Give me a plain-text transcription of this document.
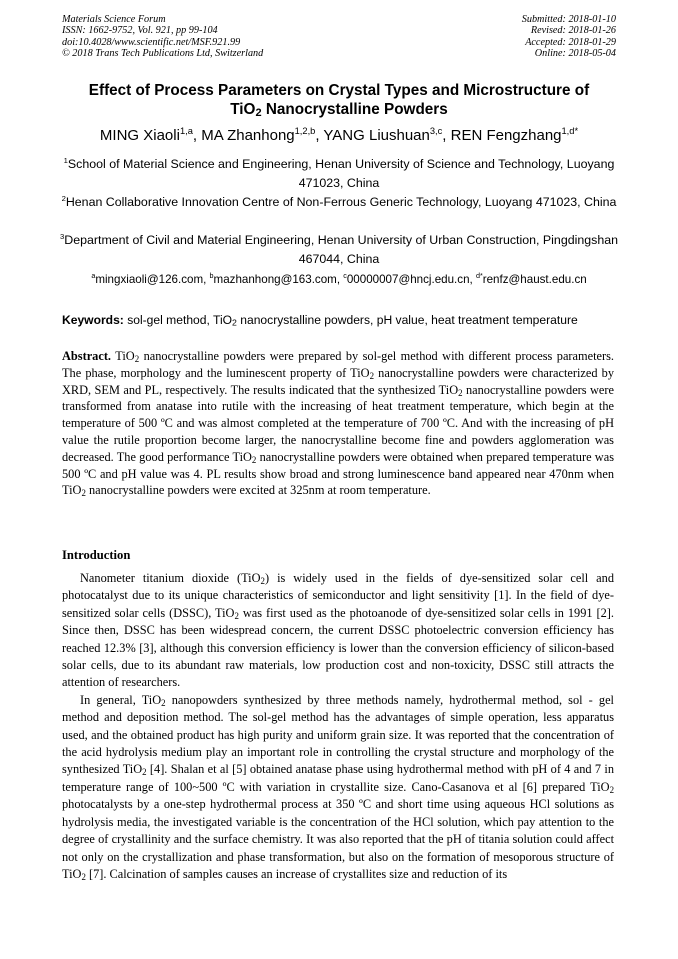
Materials Science Forum
ISSN: 1662-9752, Vol. 921, pp 99-104
doi:10.4028/www.scientific.net/MSF.921.99
© 2018 Trans Tech Publications Ltd, Switzerland
Submitted: 2018-01-10
Revised: 2018-01-26
Accepted: 2018-01-29
Online: 2018-05-04
Effect of Process Parameters on Crystal Types and Microstructure of
TiO$_2$ Nanocrystalline Powders
MING Xiaoli$^{1,a}$, MA Zhanhong$^{1,2,b}$, YANG Liushuan$^{3,c}$, REN Fengzhang$^{1,d*}$
$^1$School of Material Science and Engineering, Henan University of Science and Technology, Luoyang 471023, China
$^2$Henan Collaborative Innovation Centre of Non-Ferrous Generic Technology, Luoyang 471023, China
$^3$Department of Civil and Material Engineering, Henan University of Urban Construction, Pingdingshan 467044, China
$^a$mingxiaoli@126.com, $^b$mazhanhong@163.com, $^c$00000007@hncj.edu.cn, $^{d*}$renfz@haust.edu.cn
Keywords: sol-gel method, TiO$_2$ nanocrystalline powders, pH value, heat treatment temperature
Abstract. TiO$_2$ nanocrystalline powders were prepared by sol-gel method with different process parameters. The phase, morphology and the luminescent property of TiO$_2$ nanocrystalline powders were characterized by XRD, SEM and PL, respectively. The results indicated that the synthesized TiO$_2$ nanocrystalline powders were transformed from anatase into rutile with the increasing of heat treatment temperature, which begin at the temperature of 500 ºC and was almost completed at the temperature of 700 ºC. And with the increasing of pH value the rutile proportion become larger, the nanocrystalline become fine and powders agglomeration was decreased. The good performance TiO$_2$ nanocrystalline powders were obtained when prepared temperature was 500 ºC and pH value was 4. PL results show broad and strong luminescence band appeared near 470nm when TiO$_2$ nanocrystalline powders were excited at 325nm at room temperature.
Introduction

Nanometer titanium dioxide (TiO$_2$) is widely used in the fields of dye-sensitized solar cell and photocatalyst due to its unique characteristics of semiconductor and light sensitivity [1]. In the field of dye-sensitized solar cells (DSSC), TiO$_2$ was first used as the photoanode of dye-sensitized solar cells in 1991 [2]. Since then, DSSC has been widespread concern, the current DSSC photoelectric conversion efficiency has reached 12.3% [3], although this conversion efficiency is lower than the conversion efficiency of silicon-based solar cells, due to its abundant raw materials, low production cost and non-toxicity, DSSC still attracts the attention of researchers.

In general, TiO$_2$ nanopowders synthesized by three methods namely, hydrothermal method, sol - gel method and deposition method. The sol-gel method has the advantages of simple operation, less apparatus used, and the obtained product has high purity and uniform grain size. It was reported that the concentration of the acid hydrolysis medium play an important role in controlling the crystal structure and morphology of the synthesized TiO$_2$ [4]. Shalan et al [5] obtained anatase phase using hydrothermal method with pH of 4 and 7 in temperature range of 100~500 ºC with variation in crystallite size. Cano-Casanova et al [6] prepared TiO$_2$ photocatalysts by a one-step hydrothermal process at 350 ºC and short time using aqueous HCl solutions as hydrolysis media, the investigated variable is the concentration of the HCl solution, which pay attention to the degree of crystallinity and the surface chemistry. It was also reported that the pH of titania solution could affect not only on the crystallization and phase transformation, but also on the formation of mesoporous structure of TiO$_2$ [7]. Calcination of samples causes an increase of crystallites size and reduction of its
